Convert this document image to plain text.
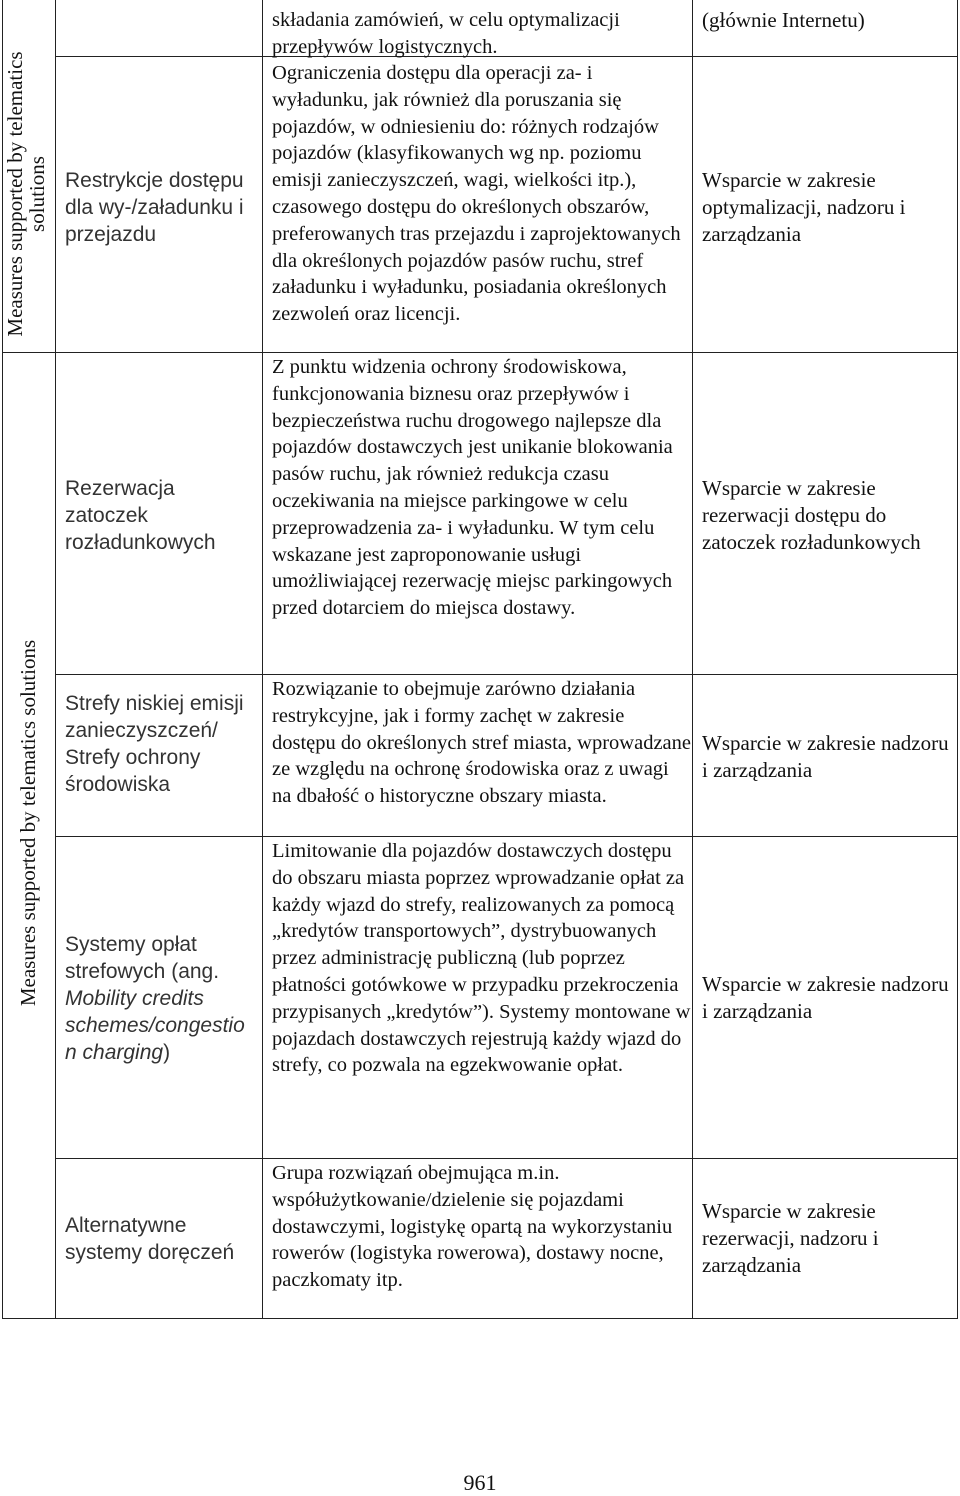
Measures supported by telematics solutions
Measures supported by telematics solutions
składania zamówień, w celu optymalizacji przepływów logistycznych.
(głównie Internetu)
Restrykcje dostępu dla wy-/załadunku i przejazdu
Ograniczenia dostępu dla operacji za- i wyładunku, jak również dla poruszania się pojazdów, w odniesieniu do: różnych rodzajów pojazdów (klasyfikowanych wg np. poziomu emisji zanieczyszczeń, wagi, wielkości itp.), czasowego dostępu do określonych obszarów, preferowanych tras przejazdu i zaprojektowanych dla określonych pojazdów pasów ruchu, stref załadunku i wyładunku, posiadania określonych zezwoleń oraz licencji.
Wsparcie w zakresie optymalizacji, nadzoru i zarządzania
Rezerwacja zatoczek rozładunkowych
Z punktu widzenia ochrony środowiskowa, funkcjonowania biznesu oraz przepływów i bezpieczeństwa ruchu drogowego najlepsze dla pojazdów dostawczych jest unikanie blokowania pasów ruchu, jak również redukcja czasu oczekiwania na miejsce parkingowe w celu przeprowadzenia za- i wyładunku. W tym celu wskazane jest zaproponowanie usługi umożliwiającej rezerwację miejsc parkingowych przed dotarciem do miejsca dostawy.
Wsparcie w zakresie rezerwacji dostępu do zatoczek rozładunkowych
Strefy niskiej emisji zanieczyszczeń/ Strefy ochrony środowiska
Rozwiązanie to obejmuje zarówno działania restrykcyjne, jak i formy zachęt w zakresie dostępu do określonych stref miasta, wprowadzane ze względu na ochronę środowiska oraz z uwagi na dbałość o historyczne obszary miasta.
Wsparcie w zakresie nadzoru i zarządzania
Systemy opłat strefowych (ang. Mobility credits schemes/congestio n charging)
Limitowanie dla pojazdów dostawczych dostępu do obszaru miasta poprzez wprowadzanie opłat za każdy wjazd do strefy, realizowanych za pomocą „kredytów transportowych”, dystrybuowanych przez administrację publiczną (lub poprzez płatności gotówkowe w przypadku przekroczenia przypisanych „kredytów”). Systemy montowane w pojazdach dostawczych rejestrują każdy wjazd do strefy, co pozwala na egzekwowanie opłat.
Wsparcie w zakresie nadzoru i zarządzania
Alternatywne systemy doręczeń
Grupa rozwiązań obejmująca m.in. współużytkowanie/dzielenie się pojazdami dostawczymi, logistykę opartą na wykorzystaniu rowerów (logistyka rowerowa), dostawy nocne, paczkomaty itp.
Wsparcie w zakresie rezerwacji, nadzoru i zarządzania
961
